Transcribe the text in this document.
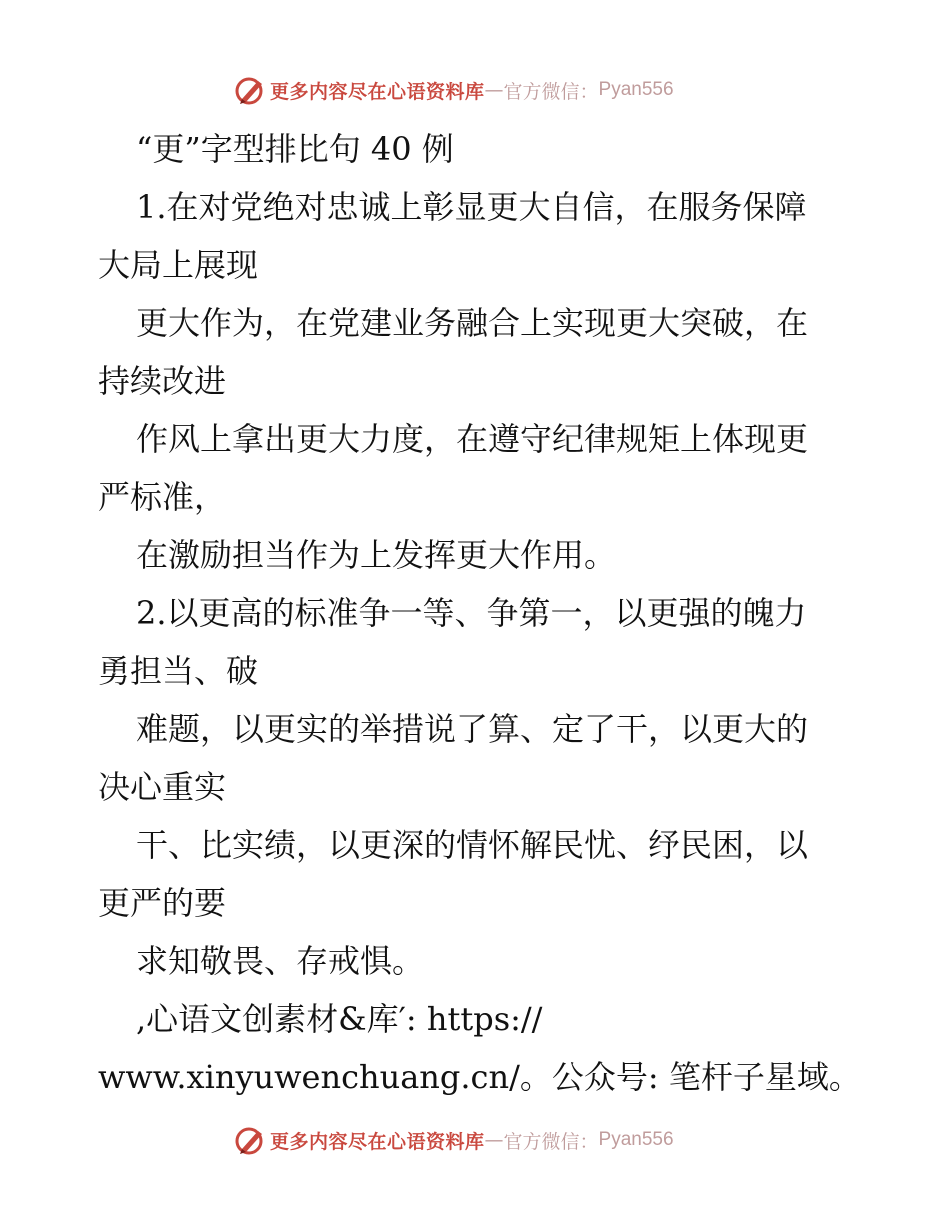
更多内容尽在心语资料库 — 官方微信： Pyan556
“更”字型排比句 40 例
1.在对党绝对忠诚上彰显更大自信，在服务保障
大局上展现
更大作为，在党建业务融合上实现更大突破，在
持续改进
作风上拿出更大力度，在遵守纪律规矩上体现更
严标准，
在激励担当作为上发挥更大作用。
2.以更高的标准争一等、争第一，以更强的魄力
勇担当、破
难题，以更实的举措说了算、定了干，以更大的
决心重实
干、比实绩，以更深的情怀解民忧、纾民困，以
更严的要
求知敬畏、存戒惧。
,心语文创素材&库′: https://
www.xinyuwenchuang.cn/。公众号: 笔杆子星域。
更多内容尽在心语资料库 — 官方微信： Pyan556
